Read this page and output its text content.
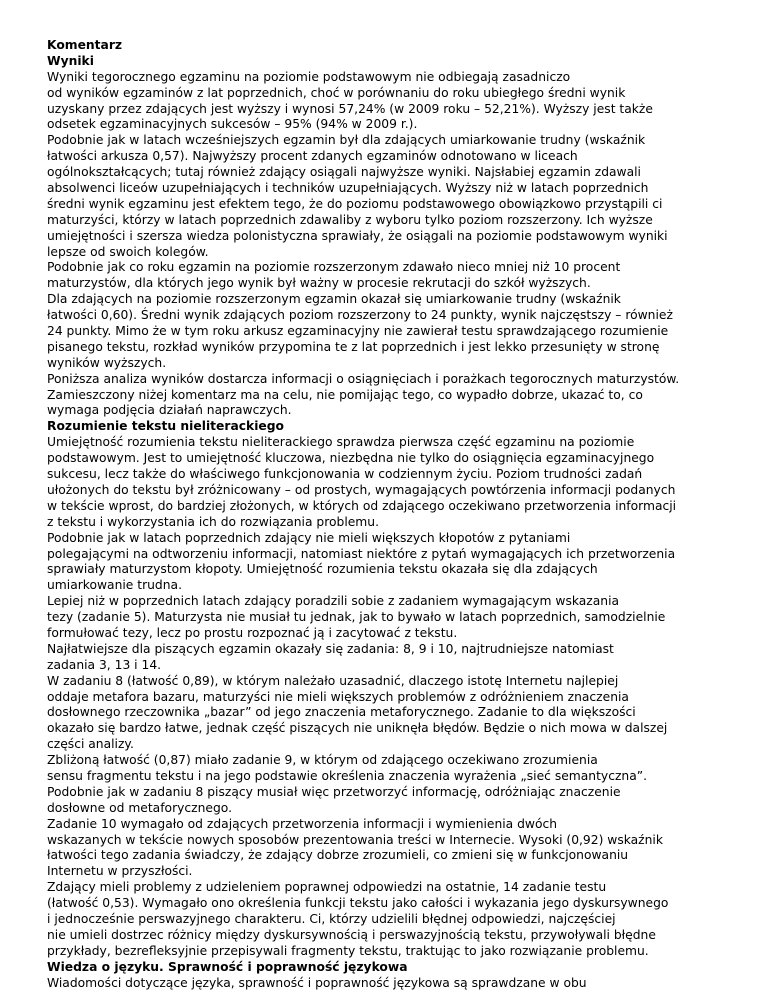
Komentarz
Wyniki
Wyniki tegorocznego egzaminu na poziomie podstawowym nie odbiegają zasadniczo
od wyników egzaminów z lat poprzednich, choć w porównaniu do roku ubiegłego średni wynik
uzyskany przez zdających jest wyższy i wynosi 57,24% (w 2009 roku – 52,21%). Wyższy jest także
odsetek egzaminacyjnych sukcesów – 95% (94% w 2009 r.).
Podobnie jak w latach wcześniejszych egzamin był dla zdających umiarkowanie trudny (wskaźnik
łatwości arkusza 0,57). Najwyższy procent zdanych egzaminów odnotowano w liceach
ogólnokształcących; tutaj również zdający osiągali najwyższe wyniki. Najsłabiej egzamin zdawali
absolwenci liceów uzupełniających i techników uzupełniających. Wyższy niż w latach poprzednich
średni wynik egzaminu jest efektem tego, że do poziomu podstawowego obowiązkowo przystąpili ci
maturzyści, którzy w latach poprzednich zdawaliby z wyboru tylko poziom rozszerzony. Ich wyższe
umiejętności i szersza wiedza polonistyczna sprawiały, że osiągali na poziomie podstawowym wyniki
lepsze od swoich kolegów.
Podobnie jak co roku egzamin na poziomie rozszerzonym zdawało nieco mniej niż 10 procent
maturzystów, dla których jego wynik był ważny w procesie rekrutacji do szkół wyższych.
Dla zdających na poziomie rozszerzonym egzamin okazał się umiarkowanie trudny (wskaźnik
łatwości 0,60). Średni wynik zdających poziom rozszerzony to 24 punkty, wynik najczęstszy – również
24 punkty. Mimo że w tym roku arkusz egzaminacyjny nie zawierał testu sprawdzającego rozumienie
pisanego tekstu, rozkład wyników przypomina te z lat poprzednich i jest lekko przesunięty w stronę
wyników wyższych.
Poniższa analiza wyników dostarcza informacji o osiągnięciach i porażkach tegorocznych maturzystów.
Zamieszczony niżej komentarz ma na celu, nie pomijając tego, co wypadło dobrze, ukazać to, co
wymaga podjęcia działań naprawczych.
Rozumienie tekstu nieliterackiego
Umiejętność rozumienia tekstu nieliterackiego sprawdza pierwsza część egzaminu na poziomie
podstawowym. Jest to umiejętność kluczowa, niezbędna nie tylko do osiągnięcia egzaminacyjnego
sukcesu, lecz także do właściwego funkcjonowania w codziennym życiu. Poziom trudności zadań
ułożonych do tekstu był zróżnicowany – od prostych, wymagających powtórzenia informacji podanych
w tekście wprost, do bardziej złożonych, w których od zdającego oczekiwano przetworzenia informacji
z tekstu i wykorzystania ich do rozwiązania problemu.
Podobnie jak w latach poprzednich zdający nie mieli większych kłopotów z pytaniami
polegającymi na odtworzeniu informacji, natomiast niektóre z pytań wymagających ich przetworzenia
sprawiały maturzystom kłopoty. Umiejętność rozumienia tekstu okazała się dla zdających
umiarkowanie trudna.
Lepiej niż w poprzednich latach zdający poradzili sobie z zadaniem wymagającym wskazania
tezy (zadanie 5). Maturzysta nie musiał tu jednak, jak to bywało w latach poprzednich, samodzielnie
formułować tezy, lecz po prostu rozpoznać ją i zacytować z tekstu.
Najłatwiejsze dla piszących egzamin okazały się zadania: 8, 9 i 10, najtrudniejsze natomiast
zadania 3, 13 i 14.
W zadaniu 8 (łatwość 0,89), w którym należało uzasadnić, dlaczego istotę Internetu najlepiej
oddaje metafora bazaru, maturzyści nie mieli większych problemów z odróżnieniem znaczenia
dosłownego rzeczownika „bazar” od jego znaczenia metaforycznego. Zadanie to dla większości
okazało się bardzo łatwe, jednak część piszących nie uniknęła błędów. Będzie o nich mowa w dalszej
części analizy.
Zbliżoną łatwość (0,87) miało zadanie 9, w którym od zdającego oczekiwano zrozumienia
sensu fragmentu tekstu i na jego podstawie określenia znaczenia wyrażenia „sieć semantyczna”.
Podobnie jak w zadaniu 8 piszący musiał więc przetworzyć informację, odróżniając znaczenie
dosłowne od metaforycznego.
Zadanie 10 wymagało od zdających przetworzenia informacji i wymienienia dwóch
wskazanych w tekście nowych sposobów prezentowania treści w Internecie. Wysoki (0,92) wskaźnik
łatwości tego zadania świadczy, że zdający dobrze zrozumieli, co zmieni się w funkcjonowaniu
Internetu w przyszłości.
Zdający mieli problemy z udzieleniem poprawnej odpowiedzi na ostatnie, 14 zadanie testu
(łatwość 0,53). Wymagało ono określenia funkcji tekstu jako całości i wykazania jego dyskursywnego
i jednocześnie perswazyjnego charakteru. Ci, którzy udzielili błędnej odpowiedzi, najczęściej
nie umieli dostrzec różnicy między dyskursywnością i perswazyjnością tekstu, przywoływali błędne
przykłady, bezrefleksyjnie przepisywali fragmenty tekstu, traktując to jako rozwiązanie problemu.
Wiedza o języku. Sprawność i poprawność językowa
Wiadomości dotyczące języka, sprawność i poprawność językowa są sprawdzane w obu
